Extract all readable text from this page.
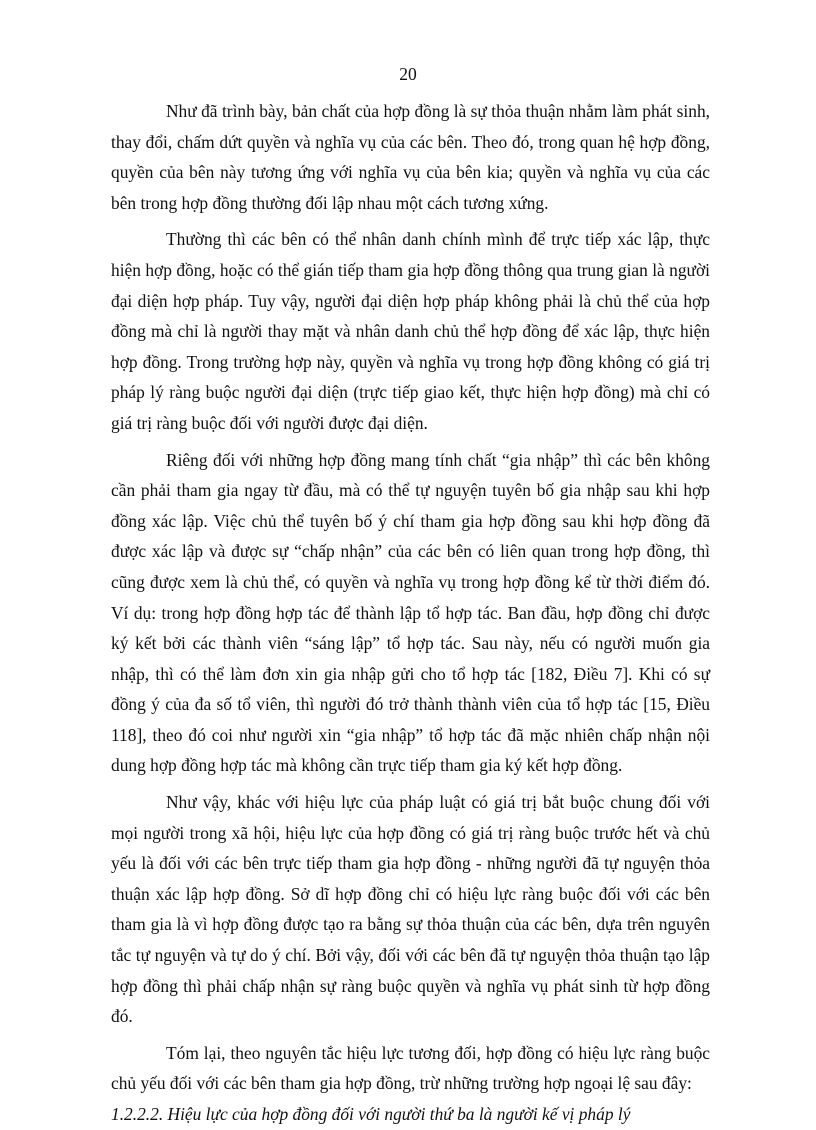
20

Như đã trình bày, bản chất của hợp đồng là sự thỏa thuận nhằm làm phát sinh, thay đổi, chấm dứt quyền và nghĩa vụ của các bên. Theo đó, trong quan hệ hợp đồng, quyền của bên này tương ứng với nghĩa vụ của bên kia; quyền và nghĩa vụ của các bên trong hợp đồng thường đối lập nhau một cách tương xứng.

Thường thì các bên có thể nhân danh chính mình để trực tiếp xác lập, thực hiện hợp đồng, hoặc có thể gián tiếp tham gia hợp đồng thông qua trung gian là người đại diện hợp pháp. Tuy vậy, người đại diện hợp pháp không phải là chủ thể của hợp đồng mà chỉ là người thay mặt và nhân danh chủ thể hợp đồng để xác lập, thực hiện hợp đồng. Trong trường hợp này, quyền và nghĩa vụ trong hợp đồng không có giá trị pháp lý ràng buộc người đại diện (trực tiếp giao kết, thực hiện hợp đồng) mà chỉ có giá trị ràng buộc đối với người được đại diện.

Riêng đối với những hợp đồng mang tính chất “gia nhập” thì các bên không cần phải tham gia ngay từ đầu, mà có thể tự nguyện tuyên bố gia nhập sau khi hợp đồng xác lập. Việc chủ thể tuyên bố ý chí tham gia hợp đồng sau khi hợp đồng đã được xác lập và được sự “chấp nhận” của các bên có liên quan trong hợp đồng, thì cũng được xem là chủ thể, có quyền và nghĩa vụ trong hợp đồng kể từ thời điểm đó. Ví dụ: trong hợp đồng hợp tác để thành lập tổ hợp tác. Ban đầu, hợp đồng chỉ được ký kết bởi các thành viên “sáng lập” tổ hợp tác. Sau này, nếu có người muốn gia nhập, thì có thể làm đơn xin gia nhập gửi cho tổ hợp tác [182, Điều 7]. Khi có sự đồng ý của đa số tổ viên, thì người đó trở thành thành viên của tổ hợp tác [15, Điều 118], theo đó coi như người xin “gia nhập” tổ hợp tác đã mặc nhiên chấp nhận nội dung hợp đồng hợp tác mà không cần trực tiếp tham gia ký kết hợp đồng.

Như vậy, khác với hiệu lực của pháp luật có giá trị bắt buộc chung đối với mọi người trong xã hội, hiệu lực của hợp đồng có giá trị ràng buộc trước hết và chủ yếu là đối với các bên trực tiếp tham gia hợp đồng - những người đã tự nguyện thỏa thuận xác lập hợp đồng. Sở dĩ hợp đồng chỉ có hiệu lực ràng buộc đối với các bên tham gia là vì hợp đồng được tạo ra bằng sự thỏa thuận của các bên, dựa trên nguyên tắc tự nguyện và tự do ý chí. Bởi vậy, đối với các bên đã tự nguyện thỏa thuận tạo lập hợp đồng thì phải chấp nhận sự ràng buộc quyền và nghĩa vụ phát sinh từ hợp đồng đó.

Tóm lại, theo nguyên tắc hiệu lực tương đối, hợp đồng có hiệu lực ràng buộc chủ yếu đối với các bên tham gia hợp đồng, trừ những trường hợp ngoại lệ sau đây:

1.2.2.2. Hiệu lực của hợp đồng đối với người thứ ba là người kế vị pháp lý
